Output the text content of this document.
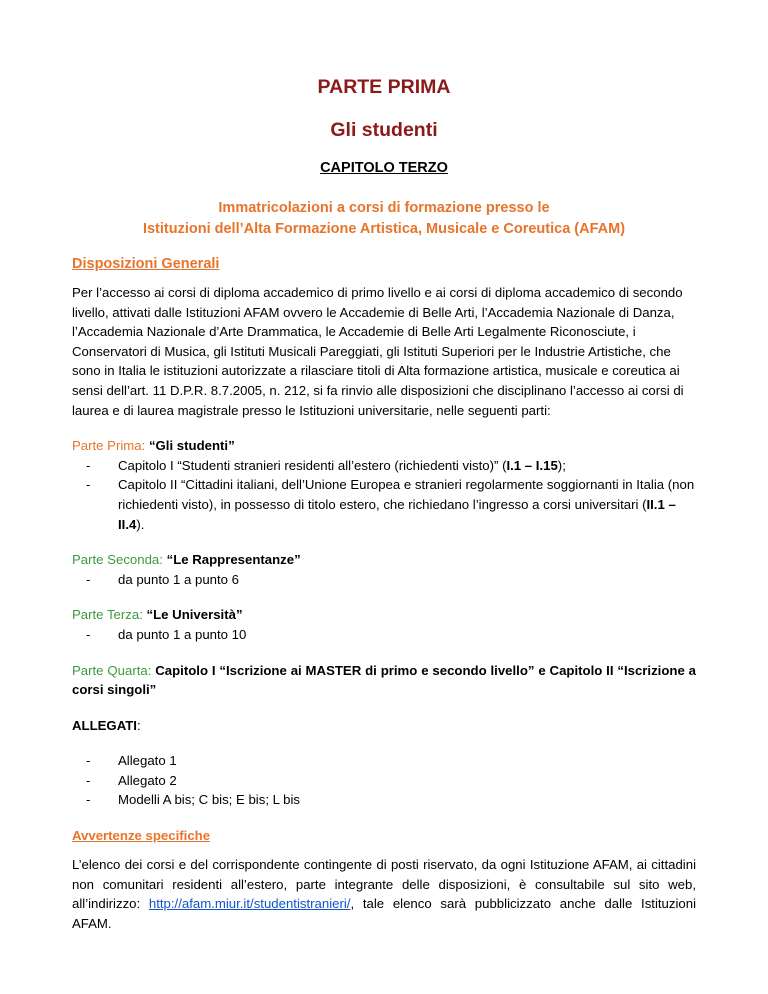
PARTE PRIMA
Gli studenti
CAPITOLO TERZO
Immatricolazioni a corsi di formazione presso le
Istituzioni dell’Alta Formazione Artistica, Musicale e Coreutica (AFAM)
Disposizioni Generali

Per l’accesso ai corsi di diploma accademico di primo livello e ai corsi di diploma accademico di secondo livello, attivati dalle Istituzioni AFAM ovvero le Accademie di Belle Arti, l’Accademia Nazionale di Danza, l’Accademia Nazionale d’Arte Drammatica, le Accademie di Belle Arti Legalmente Riconosciute, i Conservatori di Musica, gli Istituti Musicali Pareggiati, gli Istituti Superiori per le Industrie Artistiche, che sono in Italia le istituzioni autorizzate a rilasciare titoli di Alta formazione artistica, musicale e coreutica ai sensi dell’art. 11 D.P.R. 8.7.2005, n. 212, si fa rinvio alle disposizioni che disciplinano l’accesso ai corsi di laurea e di laurea magistrale presso le Istituzioni universitarie, nelle seguenti parti:

Parte Prima: “Gli studenti”
- Capitolo I “Studenti stranieri residenti all’estero (richiedenti visto)” (I.1 – I.15);
- Capitolo II “Cittadini italiani, dell’Unione Europea e stranieri regolarmente soggiornanti in Italia (non richiedenti visto), in possesso di titolo estero, che richiedano l’ingresso a corsi universitari (II.1 – II.4).
Parte Seconda: “Le Rappresentanze”
- da punto 1 a punto 6
Parte Terza: “Le Università”
- da punto 1 a punto 10
Parte Quarta: Capitolo I “Iscrizione ai MASTER di primo e secondo livello” e Capitolo II “Iscrizione a corsi singoli”
ALLEGATI:
- Allegato 1
- Allegato 2
- Modelli A bis; C bis; E bis; L bis
Avvertenze specifiche

L’elenco dei corsi e del corrispondente contingente di posti riservato, da ogni Istituzione AFAM, ai cittadini non comunitari residenti all’estero, parte integrante delle disposizioni, è consultabile sul sito web, all’indirizzo: http://afam.miur.it/studentistranieri/, tale elenco sarà pubblicizzato anche dalle Istituzioni AFAM.
